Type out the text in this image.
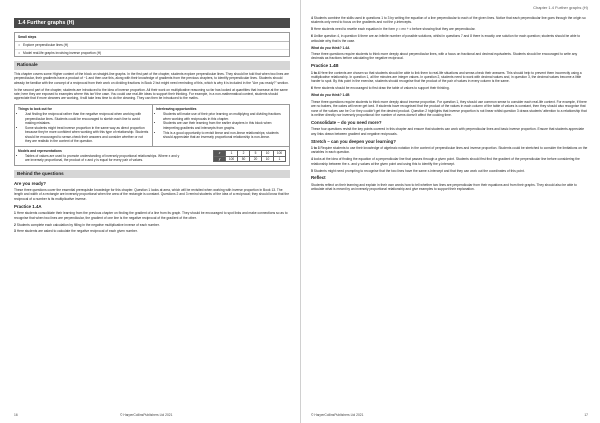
1.4 Further graphs (H)
Small steps
• Explore perpendicular lines (H)
• Model real-life graphs involving inverse proportion (H)
Rationale

This chapter covers some Higher content of the block on straight-line graphs. In the first part of the chapter, students explore perpendicular lines. They should be told that when two lines are perpendicular, their gradients have a product of −1 and then use this, along with their knowledge of gradients from the previous chapters, to identify perpendicular lines. Students should already be familiar with the concept of a reciprocal from their work on dividing fractions in Book 2 but might need reminding of this, which is why it is included in the "Are you ready?" section.

In the second part of the chapter, students are introduced to the idea of inverse proportion. All their work on multiplicative reasoning so far has looked at quantities that increase at the same rate; here they are exposed to examples where this isn't the case. You could use real-life ideas to support their thinking. For example, in a non-mathematical context, students should appreciate that if more cleaners are working, it will take less time to do the cleaning. They can then be introduced to the maths.

Things to look out for
• Just finding the reciprocal rather than the negative reciprocal when working with perpendicular lines. Students could be encouraged to sketch each line to avoid making mistakes.
• Some students might treat inverse proportion in the same way as direct proportion because they're more confident when working with this type of relationship. Students should be encouraged to sense-check their answers and consider whether or not they are realistic in the context of the question.
Interleaving opportunities
• Students will make use of their prior learning on multiplying and dividing fractions when working with reciprocals in this chapter.
• Students are use their learning from the earlier chapters in this block when interpreting gradients and intercepts from graphs.
• This is a good opportunity to revisit linear and non-linear relationships; students should appreciate that an inversely proportional relationship is non-linear.
Models and representations
• Tables of values are used to promote understanding of inversely proportional relationships. Where x and y are inversely proportional, the product of x and y is equal for every pair of values.
x	1	2	5	10	100
y	100	50	20	10	1
Behind the questions
Are you ready?

These three questions cover the essential prerequisite knowledge for this chapter. Question 1 looks at area, which will be revisited when working with inverse proportion in Book 13. The length and width of a rectangle are inversely proportional when the area of the rectangle is constant. Questions 2 and 3 remind students of the idea of a reciprocal; they should know that the reciprocal of a number is its multiplicative inverse.

Practice 1.4A

1 Here students consolidate their learning from the previous chapter on finding the gradient of a line from its graph. They should be encouraged to spot links and make connections so as to recognise that when two lines are perpendicular, the gradient of one line is the negative reciprocal of the gradient of the other.

2 Students complete each calculation by filling in the negative multiplicative inverse of each number.

3 Here students are asked to calculate the negative reciprocal of each given number.

16	© HarperCollinsPublishers Ltd 2021
Chapter 1.4 Further graphs (H)

4 Students combine the skills used in questions 1 to 3 by writing the equation of a line perpendicular to each of the given lines. Notice that each perpendicular line goes through the origin so students only need to focus on the gradients and not the y-intercepts.

5 Here students need to rewrite each equation in the form y = mx + c before showing that they are perpendicular.

6 Unlike question 4, in question 6 there are an infinite number of possible solutions, whilst in questions 7 and 8 there is exactly one solution for each question; students should be able to articulate why that is the case.

What do you think? 1.4A

These three questions require students to think more deeply about perpendicular lines, with a focus on fractional and decimal equivalents. Students should be encouraged to write any decimals as fractions before calculating the negative reciprocal.

Practice 1.4B

1 to 4 Here the contexts are chosen so that students should be able to link them to real-life situations and sense-check their answers. This should help to prevent them incorrectly using a multiplicative relationship. In question 1, all the minutes are integer values. In question 2, students need to work with decimal values and, in question 3, the decimal values become a little harder to spot. By this point in the exercise, students should recognise that the product of the pair of values in every column is the same.

6 Here students should be encouraged to first draw the table of values to support their thinking.

What do you think? 1.4B

These three questions require students to think more deeply about inverse proportion. For question 1, they should use common sense to consider each real-life context. For example, if there are no bakers, the cakes will never get iced. If students have recognised that the product of the values in each column of the table of values is constant, then they should also recognise that none of the values can be 0 or they couldn't get the desired product. Question 2 highlights that inverse proportion is not linear whilst question 3 draws students' attention to a relationship that is neither directly nor inversely proportional: the number of ovens doesn't affect the cooking time.

Consolidate – do you need more?

These four questions revisit the key points covered in this chapter and ensure that students can work with perpendicular lines and basic inverse proportion. Ensure that students appreciate any links drawn between gradient and negative reciprocals.

Stretch – can you deepen your learning?

1 to 3 Require students to use their knowledge of algebraic notation in the context of perpendicular lines and inverse proportion. Students could be stretched to consider the limitations on the variables in each question.

4 looks at the idea of finding the equation of a perpendicular line that passes through a given point. Students should first find the gradient of the perpendicular line before considering the relationship between the x- and y-values at the given point and using this to identify the y-intercept.

5 Students might need prompting to recognise that the two lines have the same x-intercept and that they can work out the coordinates of this point.

Reflect

Students reflect on their learning and explain in their own words how to tell whether two lines are perpendicular from their equations and from their graphs. They should also be able to articulate what is meant by an inversely proportional relationship and give examples to support their explanation.

© HarperCollinsPublishers Ltd 2021	17
